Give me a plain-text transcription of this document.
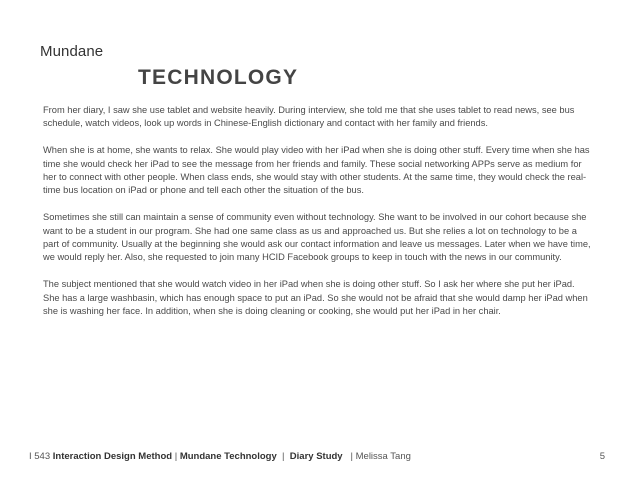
Mundane
TECHNOLOGY

From her diary, I saw she use tablet and website heavily. During interview, she told me that she uses tablet to read news, see bus schedule, watch videos, look up words in Chinese-English dictionary and contact with her family and friends.

When she is at home, she wants to relax. She would play video with her iPad when she is doing other stuff. Every time when she has time she would check her iPad to see the message from her friends and family. These social networking APPs serve as medium for her to connect with other people. When class ends, she would stay with other students. At the same time, they would check the real-time bus location on iPad or phone and tell each other the situation of the bus.

Sometimes she still can maintain a sense of community even without technology. She want to be involved in our cohort because she want to be a student in our program. She had one same class as us and approached us. But she relies a lot on technology to be a part of community. Usually at the beginning she would ask our contact information and leave us messages. Later when we have time, we would reply her. Also, she requested to join many HCID Facebook groups to keep in touch with the news in our community.

The subject mentioned that she would watch video in her iPad when she is doing other stuff. So I ask her where she put her iPad. She has a large washbasin, which has enough space to put an iPad. So she would not be afraid that she would damp her iPad when she is washing her face. In addition, when she is doing cleaning or cooking, she would put her iPad in her chair.

I 543 Interaction Design Method | Mundane Technology | Diary Study | Melissa Tang	5
